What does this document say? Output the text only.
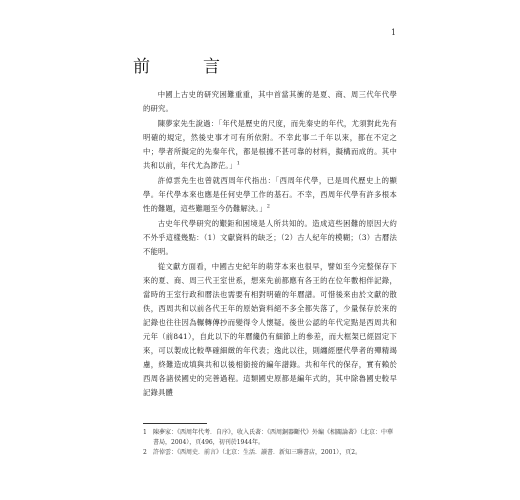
1
前　言

中國上古史的研究困難重重，其中首當其衝的是夏、商、周三代年代學的研究。

陳夢家先生說過：「年代是歷史的尺度，而先秦史的年代，尤須對此先有明確的規定，然後史事才可有所依附。不幸此事二千年以來，都在不定之中；學者所擬定的先秦年代，都是根據不甚可靠的材料，擬構而成的。其中共和以前，年代尤為渺茫。」$^1$

許倬雲先生也曾就西周年代指出：「西周年代學，已是周代歷史上的顯學。年代學本來也應是任何史學工作的基石。不幸，西周年代學有許多根本性的難題，這些難題至今仍難解決。」$^2$

古史年代學研究的艱鉅和困境是人所共知的。造成這些困難的原因大約不外乎這樣幾點：（1）文獻資料的缺乏；（2）古人紀年的模糊；（3）古曆法不能明。

從文獻方面看，中國古史紀年的萌芽本來也很早，譬如至今完整保存下來的夏、商、周三代王室世系，想來先前都應有各王的在位年數相伴記錄，當時的王室行政和曆法也需要有相對明確的年曆譜。可惜後來由於文獻的散佚，西周共和以前各代王年的原始資料絕不多全都失落了，少量保存於來的記錄也往往因為輾轉傳抄而變得令人懷疑。後世公認的年代定點是西周共和元年（前841），自此以下的年曆纔仍有細節上的參差，而大框架已經固定下來，可以製成比較準確細緻的年代表；逸此以往，則纏經歷代學者的殫精竭慮，終難造成填與共和以後相銜接的編年譜錄。共和年代的保存，實有賴於西周各諸侯國史的完善過程。這類國史原都是編年式的，其中除魯國史較早記錄具體

1	陳夢家：《西周年代考．自序》，收入氏著：《西周銅器斷代》外編《相關論著》（北京：中華書局，2004），頁496，初刊於1944年。
2	許倬雲：《西周史．前言》（北京：生活．讀書．新知三聯書店，2001），頁2。
